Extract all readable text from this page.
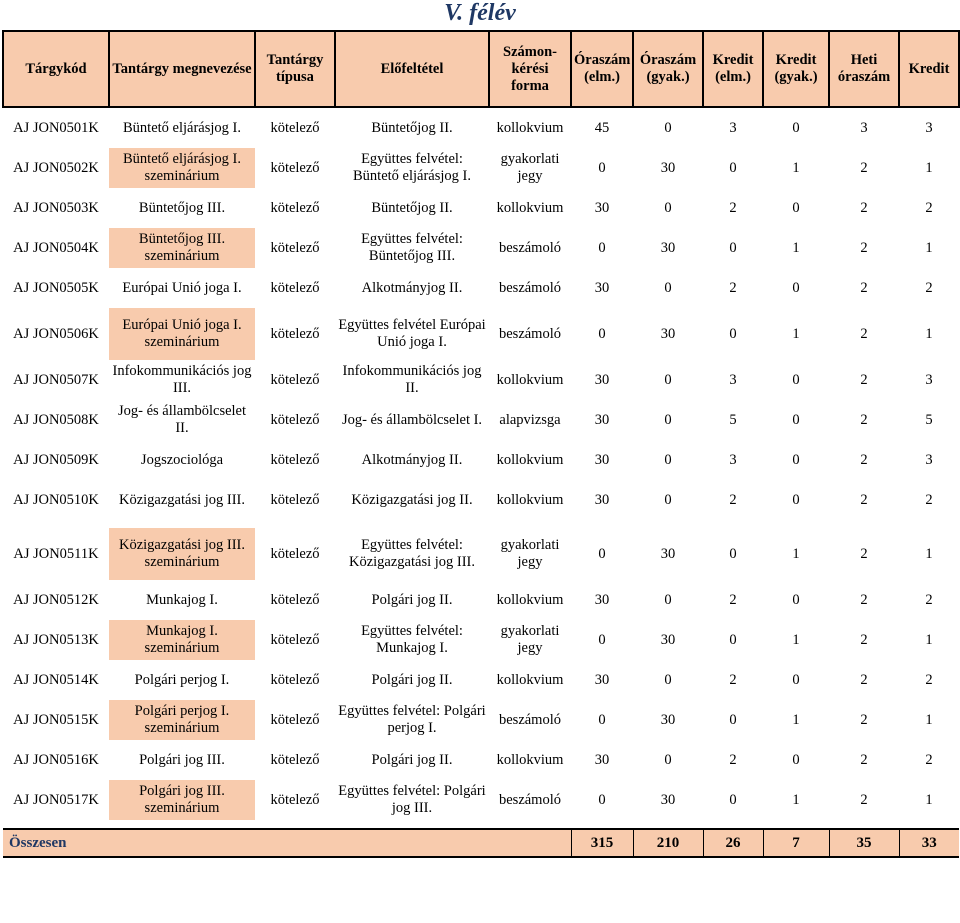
V. félév
Tárgykód	Tantárgy megnevezése	Tantárgy típusa	Előfeltétel	Számon-kérési forma	Óraszám (elm.)	Óraszám (gyak.)	Kredit (elm.)	Kredit (gyak.)	Heti óraszám	Kredit

AJ JON0501K	Büntető eljárásjog I.	kötelező	Büntetőjog II.	kollokvium	45	0	3	0	3	3

AJ JON0502K	Büntető eljárásjog I. szeminárium	kötelező	Együttes felvétel: Büntető eljárásjog I.	gyakorlati jegy	0	30	0	1	2	1

AJ JON0503K	Büntetőjog III.	kötelező	Büntetőjog II.	kollokvium	30	0	2	0	2	2

AJ JON0504K	Büntetőjog III. szeminárium	kötelező	Együttes felvétel: Büntetőjog III.	beszámoló	0	30	0	1	2	1

AJ JON0505K	Európai Unió joga I.	kötelező	Alkotmányjog II.	beszámoló	30	0	2	0	2	2

AJ JON0506K	Európai Unió joga I. szeminárium	kötelező	Együttes felvétel Európai Unió joga I.	beszámoló	0	30	0	1	2	1
AJ JON0507K	Infokommunikációs jog III.	kötelező	Infokommunikációs jog II.	kollokvium	30	0	3	0	2	3
AJ JON0508K	Jog- és állambölcselet II.	kötelező	Jog- és állambölcselet I.	alapvizsga	30	0	5	0	2	5

AJ JON0509K	Jogszociológa	kötelező	Alkotmányjog II.	kollokvium	30	0	3	0	2	3

AJ JON0510K	Közigazgatási jog III.	kötelező	Közigazgatási jog II.	kollokvium	30	0	2	0	2	2

AJ JON0511K	Közigazgatási jog III. szeminárium	kötelező	Együttes felvétel: Közigazgatási jog III.	gyakorlati jegy	0	30	0	1	2	1

AJ JON0512K	Munkajog I.	kötelező	Polgári jog II.	kollokvium	30	0	2	0	2	2

AJ JON0513K	Munkajog I. szeminárium	kötelező	Együttes felvétel: Munkajog I.	gyakorlati jegy	0	30	0	1	2	1

AJ JON0514K	Polgári perjog I.	kötelező	Polgári jog II.	kollokvium	30	0	2	0	2	2

AJ JON0515K	Polgári perjog I. szeminárium	kötelező	Együttes felvétel: Polgári perjog I.	beszámoló	0	30	0	1	2	1

AJ JON0516K	Polgári jog III.	kötelező	Polgári jog II.	kollokvium	30	0	2	0	2	2

AJ JON0517K	Polgári jog III. szeminárium	kötelező	Együttes felvétel: Polgári jog III.	beszámoló	0	30	0	1	2	1

Összesen					315	210	26	7	35	33
